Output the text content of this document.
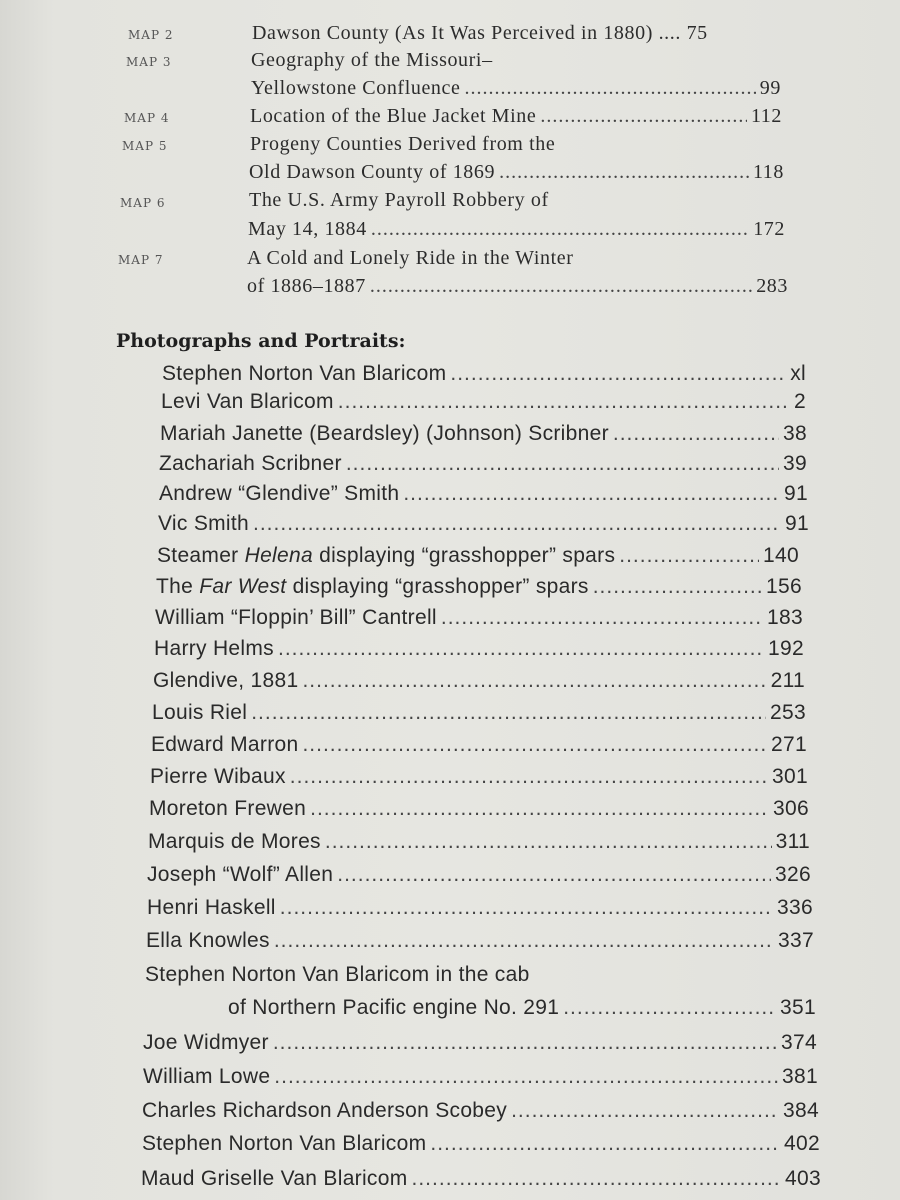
MAP 2	Dawson County (As It Was Perceived in 1880) .... 75
MAP 3	Geography of the Missouri–
Yellowstone Confluence .....	99
MAP 4	Location of the Blue Jacket Mine .....	112
MAP 5	Progeny Counties Derived from the
Old Dawson County of 1869 .....	118
MAP 6	The U.S. Army Payroll Robbery of
May 14, 1884 .....	172
MAP 7	A Cold and Lonely Ride in the Winter
of 1886–1887 .....	283
Photographs and Portraits:
Stephen Norton Van Blaricom .....	xl
Levi Van Blaricom .....	2
Mariah Janette (Beardsley) (Johnson) Scribner .....	38
Zachariah Scribner .....	39
Andrew “Glendive” Smith .....	91
Vic Smith .....	91
Steamer Helena displaying “grasshopper” spars .....	140
The Far West displaying “grasshopper” spars .....	156
William “Floppin’ Bill” Cantrell .....	183
Harry Helms .....	192
Glendive, 1881 .....	211
Louis Riel .....	253
Edward Marron .....	271
Pierre Wibaux .....	301
Moreton Frewen .....	306
Marquis de Mores .....	311
Joseph “Wolf” Allen .....	326
Henri Haskell .....	336
Ella Knowles .....	337
Stephen Norton Van Blaricom in the cab
of Northern Pacific engine No. 291 .....	351
Joe Widmyer .....	374
William Lowe .....	381
Charles Richardson Anderson Scobey .....	384
Stephen Norton Van Blaricom .....	402
Maud Griselle Van Blaricom .....	403
